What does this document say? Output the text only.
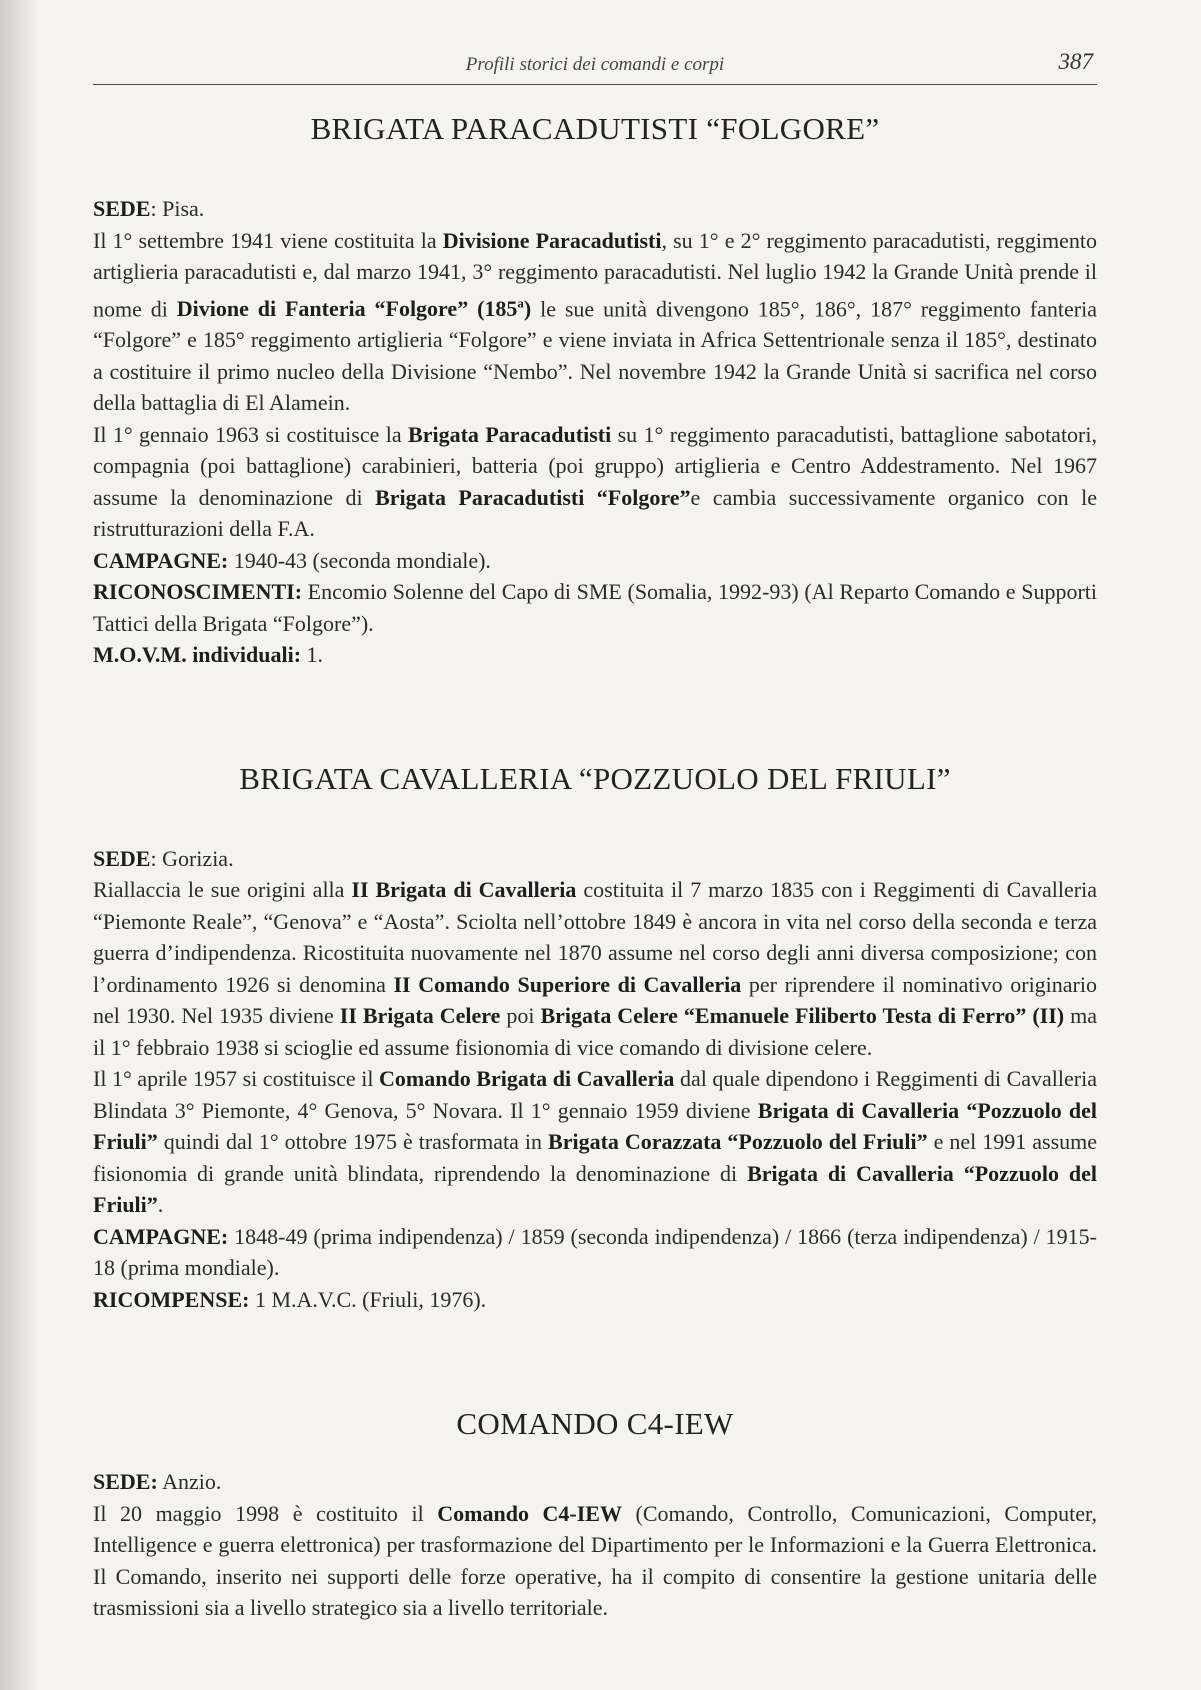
Profili storici dei comandi e corpi	387
BRIGATA PARACADUTISTI “FOLGORE”

SEDE: Pisa.

Il 1° settembre 1941 viene costituita la Divisione Paracadutisti, su 1° e 2° reggimento paracadutisti, reggimento artiglieria paracadutisti e, dal marzo 1941, 3° reggimento paracadutisti. Nel luglio 1942 la Grande Unità prende il nome di Divione di Fanteria “Folgore” (185$^a$) le sue unità divengono 185°, 186°, 187° reggimento fanteria “Folgore” e 185° reggimento artiglieria “Folgore” e viene inviata in Africa Settentrionale senza il 185°, destinato a costituire il primo nucleo della Divisione “Nembo”. Nel novembre 1942 la Grande Unità si sacrifica nel corso della battaglia di El Alamein.

Il 1° gennaio 1963 si costituisce la Brigata Paracadutisti su 1° reggimento paracadutisti, battaglione sabotatori, compagnia (poi battaglione) carabinieri, batteria (poi gruppo) artiglieria e Centro Addestramento. Nel 1967 assume la denominazione di Brigata Paracadutisti “Folgore”e cambia successivamente organico con le ristrutturazioni della F.A.

CAMPAGNE: 1940-43 (seconda mondiale).

RICONOSCIMENTI: Encomio Solenne del Capo di SME (Somalia, 1992-93) (Al Reparto Comando e Supporti Tattici della Brigata “Folgore”).

M.O.V.M. individuali: 1.

BRIGATA CAVALLERIA “POZZUOLO DEL FRIULI”

SEDE: Gorizia.

Riallaccia le sue origini alla II Brigata di Cavalleria costituita il 7 marzo 1835 con i Reggimenti di Cavalleria “Piemonte Reale”, “Genova” e “Aosta”. Sciolta nell’ottobre 1849 è ancora in vita nel corso della seconda e terza guerra d’indipendenza. Ricostituita nuovamente nel 1870 assume nel corso degli anni diversa composizione; con l’ordinamento 1926 si denomina II Comando Superiore di Cavalleria per riprendere il nominativo originario nel 1930. Nel 1935 diviene II Brigata Celere poi Brigata Celere “Emanuele Filiberto Testa di Ferro” (II) ma il 1° febbraio 1938 si scioglie ed assume fisionomia di vice comando di divisione celere.

Il 1° aprile 1957 si costituisce il Comando Brigata di Cavalleria dal quale dipendono i Reggimenti di Cavalleria Blindata 3° Piemonte, 4° Genova, 5° Novara. Il 1° gennaio 1959 diviene Brigata di Cavalleria “Pozzuolo del Friuli” quindi dal 1° ottobre 1975 è trasformata in Brigata Corazzata “Pozzuolo del Friuli” e nel 1991 assume fisionomia di grande unità blindata, riprendendo la denominazione di Brigata di Cavalleria “Pozzuolo del Friuli”.

CAMPAGNE: 1848-49 (prima indipendenza) / 1859 (seconda indipendenza) / 1866 (terza indipendenza) / 1915-18 (prima mondiale).

RICOMPENSE: 1 M.A.V.C. (Friuli, 1976).

COMANDO C4-IEW

SEDE: Anzio.

Il 20 maggio 1998 è costituito il Comando C4-IEW (Comando, Controllo, Comunicazioni, Computer, Intelligence e guerra elettronica) per trasformazione del Dipartimento per le Informazioni e la Guerra Elettronica. Il Comando, inserito nei supporti delle forze operative, ha il compito di consentire la gestione unitaria delle trasmissioni sia a livello strategico sia a livello territoriale.
